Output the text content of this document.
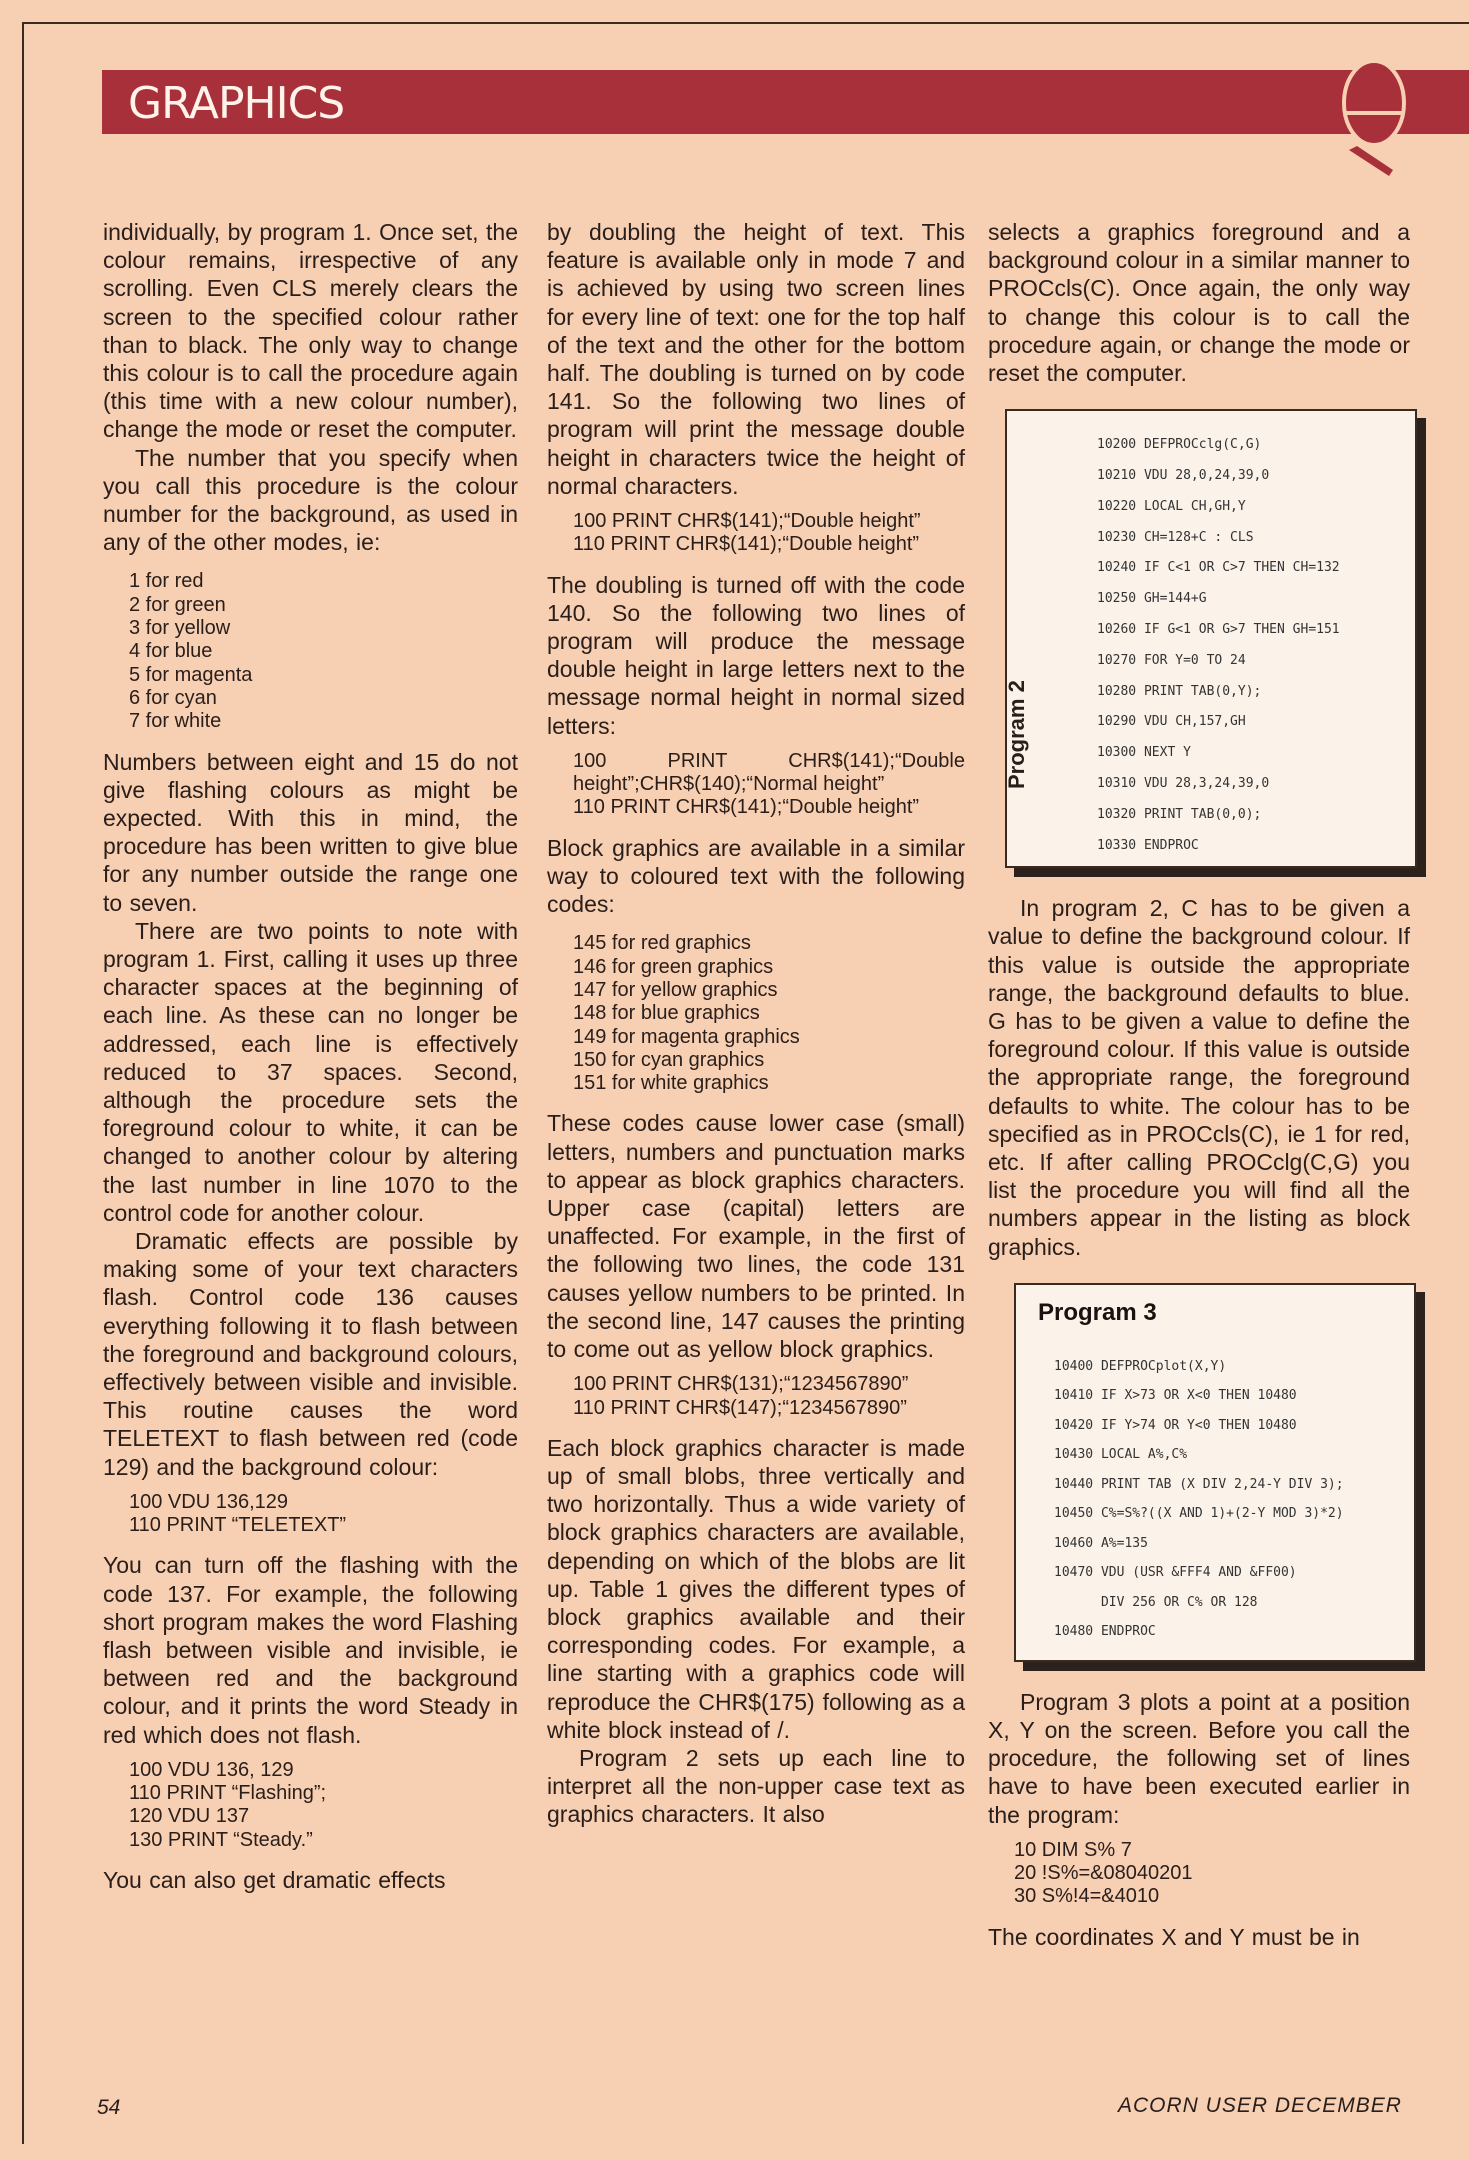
GRAPHICS

individually, by program 1. Once set, the colour remains, irrespective of any scrolling. Even CLS merely clears the screen to the specified colour rather than to black. The only way to change this colour is to call the procedure again (this time with a new colour number), change the mode or reset the computer.

The number that you specify when you call this procedure is the colour number for the background, as used in any of the other modes, ie:

1 for red
2 for green
3 for yellow
4 for blue
5 for magenta
6 for cyan
7 for white

Numbers between eight and 15 do not give flashing colours as might be expected. With this in mind, the procedure has been written to give blue for any number outside the range one to seven.

There are two points to note with program 1. First, calling it uses up three character spaces at the beginning of each line. As these can no longer be addressed, each line is effectively reduced to 37 spaces. Second, although the procedure sets the foreground colour to white, it can be changed to another colour by altering the last number in line 1070 to the control code for another colour.

Dramatic effects are possible by making some of your text characters flash. Control code 136 causes everything following it to flash between the foreground and background colours, effectively between visible and invisible. This routine causes the word TELETEXT to flash between red (code 129) and the background colour:

100 VDU 136,129
110 PRINT “TELETEXT”

You can turn off the flashing with the code 137. For example, the following short program makes the word Flashing flash between visible and invisible, ie between red and the background colour, and it prints the word Steady in red which does not flash.

100 VDU 136, 129
110 PRINT “Flashing”;
120 VDU 137
130 PRINT “Steady.”

You can also get dramatic effects

by doubling the height of text. This feature is available only in mode 7 and is achieved by using two screen lines for every line of text: one for the top half of the text and the other for the bottom half. The doubling is turned on by code 141. So the following two lines of program will print the message double height in characters twice the height of normal characters.

100 PRINT CHR$(141);“Double height”
110 PRINT CHR$(141);“Double height”

The doubling is turned off with the code 140. So the following two lines of program will produce the message double height in large letters next to the message normal height in normal sized letters:

100 PRINT CHR$(141);“Double height”;CHR$(140);“Normal height”
110 PRINT CHR$(141);“Double height”

Block graphics are available in a similar way to coloured text with the following codes:

145 for red graphics
146 for green graphics
147 for yellow graphics
148 for blue graphics
149 for magenta graphics
150 for cyan graphics
151 for white graphics

These codes cause lower case (small) letters, numbers and punctuation marks to appear as block graphics characters. Upper case (capital) letters are unaffected. For example, in the first of the following two lines, the code 131 causes yellow numbers to be printed. In the second line, 147 causes the printing to come out as yellow block graphics.

100 PRINT CHR$(131);“1234567890”
110 PRINT CHR$(147);“1234567890”

Each block graphics character is made up of small blobs, three vertically and two horizontally. Thus a wide variety of block graphics characters are available, depending on which of the blobs are lit up. Table 1 gives the different types of block graphics available and their corresponding codes. For example, a line starting with a graphics code will reproduce the CHR$(175) following as a white block instead of /.

Program 2 sets up each line to interpret all the non-upper case text as graphics characters. It also

selects a graphics foreground and a background colour in a similar manner to PROCcls(C). Once again, the only way to change this colour is to call the procedure again, or change the mode or reset the computer.

Program 2
10200 DEFPROCclg(C,G)
10210 VDU 28,0,24,39,0
10220 LOCAL CH,GH,Y
10230 CH=128+C : CLS
10240 IF C<1 OR C>7 THEN CH=132
10250 GH=144+G
10260 IF G<1 OR G>7 THEN GH=151
10270 FOR Y=0 TO 24
10280 PRINT TAB(0,Y);
10290 VDU CH,157,GH
10300 NEXT Y
10310 VDU 28,3,24,39,0
10320 PRINT TAB(0,0);
10330 ENDPROC

In program 2, C has to be given a value to define the background colour. If this value is outside the appropriate range, the background defaults to blue. G has to be given a value to define the foreground colour. If this value is outside the appropriate range, the foreground defaults to white. The colour has to be specified as in PROCcls(C), ie 1 for red, etc. If after calling PROCclg(C,G) you list the procedure you will find all the numbers appear in the listing as block graphics.

Program 3
10400 DEFPROCplot(X,Y)
10410 IF X>73 OR X<0 THEN 10480
10420 IF Y>74 OR Y<0 THEN 10480
10430 LOCAL A%,C%
10440 PRINT TAB (X DIV 2,24-Y DIV 3);
10450 C%=S%?((X AND 1)+(2-Y MOD 3)*2)
10460 A%=135
10470 VDU (USR &FFF4 AND &FF00)
DIV 256 OR C% OR 128
10480 ENDPROC

Program 3 plots a point at a position X, Y on the screen. Before you call the procedure, the following set of lines have to have been executed earlier in the program:

10 DIM S% 7
20 !S%=&08040201
30 S%!4=&4010

The coordinates X and Y must be in

54	ACORN USER DECEMBER
